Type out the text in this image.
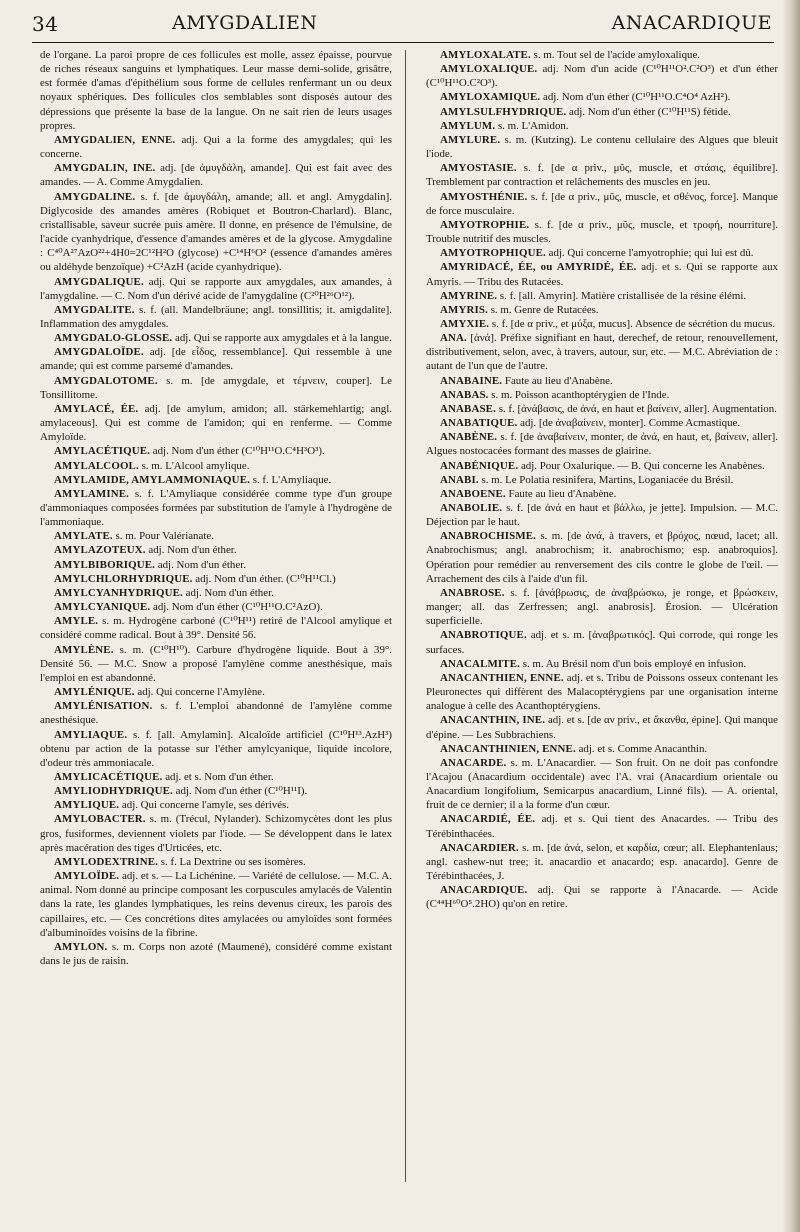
34	AMYGDALIEN	ANACARDIQUE

de l'organe. La paroi propre de ces follicules est molle, assez épaisse, pourvue de riches réseaux sanguins et lymphatiques. Leur masse demi-solide, grisâtre, est formée d'amas d'épithélium sous forme de cellules renfermant un ou deux noyaux sphériques. Des follicules clos semblables sont disposés autour des dépressions que présente la base de la langue. On ne sait rien de leurs usages propres.

AMYGDALIEN, ENNE. adj. Qui a la forme des amygdales; qui les concerne.

AMYGDALIN, INE. adj. [de ἀμυγδάλη, amande]. Qui est fait avec des amandes. — A. Comme Amygdalien.

AMYGDALINE. s. f. [de ἀμυγδάλη, amande; all. et angl. Amygdalin]. Diglycoside des amandes amères (Robiquet et Boutron-Charlard). Blanc, cristallisable, saveur sucrée puis amère. Il donne, en présence de l'émulsine, de l'acide cyanhydrique, d'essence d'amandes amères et de la glycose. Amygdaline : C⁴⁰A²⁷AzO²²+4H0=2C¹²H²O (glycose) +C¹⁴H⁶O² (essence d'amandes amères ou aldéhyde benzoïque) +C²AzH (acide cyanhydrique).

AMYGDALIQUE. adj. Qui se rapporte aux amygdales, aux amandes, à l'amygdaline. — C. Nom d'un dérivé acide de l'amygdaline (C²⁰H²⁶O¹²).

AMYGDALITE. s. f. (all. Mandelbräune; angl. tonsillitis; it. amigdalite]. Inflammation des amygdales.

AMYGDALO-GLOSSE. adj. Qui se rapporte aux amygdales et à la langue.

AMYGDALOÏDE. adj. [de εἶδος, ressemblance]. Qui ressemble à une amande; qui est comme parsemé d'amandes.

AMYGDALOTOME. s. m. [de amygdale, et τέμνειν, couper]. Le Tonsillitome.

AMYLACÉ, ÉE. adj. [de amylum, amidon; all. stärkemehlartig; angl. amylaceous]. Qui est comme de l'amidon; qui en renferme. — Comme Amyloïde.

AMYLACÉTIQUE. adj. Nom d'un éther (C¹⁰H¹¹O.C⁴H³O³).

AMYLALCOOL. s. m. L'Alcool amylique.

AMYLAMIDE, AMYLAMMONIAQUE. s. f. L'Amyliaque.

AMYLAMINE. s. f. L'Amyliaque considérée comme type d'un groupe d'ammoniaques composées formées par substitution de l'amyle à l'hydrogène de l'ammoniaque.

AMYLATE. s. m. Pour Valérianate.

AMYLAZOTEUX. adj. Nom d'un éther.

AMYLBIBORIQUE. adj. Nom d'un éther.

AMYLCHLORHYDRIQUE. adj. Nom d'un éther. (C¹⁰H¹¹Cl.)

AMYLCYANHYDRIQUE. adj. Nom d'un éther.

AMYLCYANIQUE. adj. Nom d'un éther (C¹⁰H¹¹O.C²AzO).

AMYLE. s. m. Hydrogène carboné (C¹⁰H¹¹) retiré de l'Alcool amylique et considéré comme radical. Bout à 39°. Densité 56.

AMYLÈNE. s. m. (C¹⁰H¹⁰). Carbure d'hydrogène liquide. Bout à 39°. Densité 56. — M.C. Snow a proposé l'amylène comme anesthésique, mais l'emploi en est abandonné.

AMYLÉNIQUE. adj. Qui concerne l'Amylène.

AMYLÉNISATION. s. f. L'emploi abandonné de l'amylène comme anesthésique.

AMYLIAQUE. s. f. [all. Amylamin]. Alcaloïde artificiel (C¹⁰H¹³.AzH³) obtenu par action de la potasse sur l'éther amylcyanique, liquide incolore, d'odeur très ammoniacale.

AMYLICACÉTIQUE. adj. et s. Nom d'un éther.

AMYLIODHYDRIQUE. adj. Nom d'un éther (C¹⁰H¹¹I).

AMYLIQUE. adj. Qui concerne l'amyle, ses dérivés.

AMYLOBACTER. s. m. (Trécul, Nylander). Schizomycètes dont les plus gros, fusiformes, deviennent violets par l'iode. — Se développent dans le latex après macération des tiges d'Urticées, etc.

AMYLODEXTRINE. s. f. La Dextrine ou ses isomères.

AMYLOÏDE. adj. et s. — La Lichénine. — Variété de cellulose. — M.C. A. animal. Nom donné au principe composant les corpuscules amylacés de Valentin dans la rate, les glandes lymphatiques, les reins devenus cireux, les parois des capillaires, etc. — Ces concrétions dites amylacées ou amyloïdes sont formées d'albuminoïdes voisins de la fibrine.

AMYLON. s. m. Corps non azoté (Maumené), considéré comme existant dans le jus de raisin.

AMYLOXALATE. s. m. Tout sel de l'acide amyloxalique.

AMYLOXALIQUE. adj. Nom d'un acide (C¹⁰H¹¹O².C²O³) et d'un éther (C¹⁰H¹¹O.C²O³).

AMYLOXAMIQUE. adj. Nom d'un éther (C¹⁰H¹¹O.C⁴O⁴ AzH²).

AMYLSULFHYDRIQUE. adj. Nom d'un éther (C¹⁰H¹¹S) fétide.

AMYLUM. s. m. L'Amidon.

AMYLURE. s. m. (Kutzing). Le contenu cellulaire des Algues que bleuit l'iode.

AMYOSTASIE. s. f. [de α priv., μῦς, muscle, et στάσις, équilibre]. Tremblement par contraction et relâchements des muscles en jeu.

AMYOSTHÉNIE. s. f. [de α priv., μῦς, muscle, et σθένος, force]. Manque de force musculaire.

AMYOTROPHIE. s. f. [de α priv., μῦς, muscle, et τροφή, nourriture]. Trouble nutritif des muscles.

AMYOTROPHIQUE. adj. Qui concerne l'amyotrophie; qui lui est dû.

AMYRIDACÉ, ÉE, ou AMYRIDÉ, ÉE. adj. et s. Qui se rapporte aux Amyris. — Tribu des Rutacées.

AMYRINE. s. f. [all. Amyrin]. Matière cristallisée de la résine élémi.

AMYRIS. s. m. Genre de Rutacées.

AMYXIE. s. f. [de α priv., et μύξα, mucus]. Absence de sécrétion du mucus.

ANA. [ἀνά]. Préfixe signifiant en haut, derechef, de retour, renouvellement, distributivement, selon, avec, à travers, autour, sur, etc. — M.C. Abréviation de : autant de l'un que de l'autre.

ANABAINE. Faute au lieu d'Anabène.

ANABAS. s. m. Poisson acanthoptérygien de l'Inde.

ANABASE. s. f. [ἀνάβασις, de ἀνά, en haut et βαίνειν, aller]. Augmentation.

ANABATIQUE. adj. [de ἀναβαίνειν, monter]. Comme Acmastique.

ANABÈNE. s. f. [de ἀναβαίνειν, monter, de ἀνά, en haut, et, βαίνειν, aller]. Algues nostocacées formant des masses de glairine.

ANABÉNIQUE. adj. Pour Oxalurique. — B. Qui concerne les Anabènes.

ANABI. s. m. Le Polatia resinifera, Martins, Loganiacée du Brésil.

ANABOENE. Faute au lieu d'Anabène.

ANABOLIE. s. f. [de ἀνά en haut et βάλλω, je jette]. Impulsion. — M.C. Déjection par le haut.

ANABROCHISME. s. m. [de ἀνά, à travers, et βρόχος, nœud, lacet; all. Anabrochismus; angl. anabrochism; it. anabrochismo; esp. anabroquios]. Opération pour remédier au renversement des cils contre le globe de l'œil. — Arrachement des cils à l'aide d'un fil.

ANABROSE. s. f. [ἀνάβρωσις, de ἀναβρώσκω, je ronge, et βρώσκειν, manger; all. das Zerfressen; angl. anabrosis]. Érosion. — Ulcération superficielle.

ANABROTIQUE. adj. et s. m. [ἀναβρωτικός]. Qui corrode, qui ronge les surfaces.

ANACALMITE. s. m. Au Brésil nom d'un bois employé en infusion.

ANACANTHIEN, ENNE. adj. et s. Tribu de Poissons osseux contenant les Pleuronectes qui diffèrent des Malacoptérygiens par une organisation interne analogue à celle des Acanthoptérygiens.

ANACANTHIN, INE. adj. et s. [de αν priv., et ἄκανθα, épine]. Qui manque d'épine. — Les Subbrachiens.

ANACANTHINIEN, ENNE. adj. et s. Comme Anacanthin.

ANACARDE. s. m. L'Anacardier. — Son fruit. On ne doit pas confondre l'Acajou (Anacardium occidentale) avec l'A. vrai (Anacardium orientale ou Anacardium longifolium, Semicarpus anacardium, Linné fils). — A. oriental, fruit de ce dernier; il a la forme d'un cœur.

ANACARDIÉ, ÉE. adj. et s. Qui tient des Anacardes. — Tribu des Térébinthacées.

ANACARDIER. s. m. [de ἀνά, selon, et καρδία, cœur; all. Elephantenlaus; angl. cashew-nut tree; it. anacardio et anacardo; esp. anacardo]. Genre de Térébinthacées, J.

ANACARDIQUE. adj. Qui se rapporte à l'Anacarde. — Acide (C⁴⁴H⁶⁰O⁵.2HO) qu'on en retire.
